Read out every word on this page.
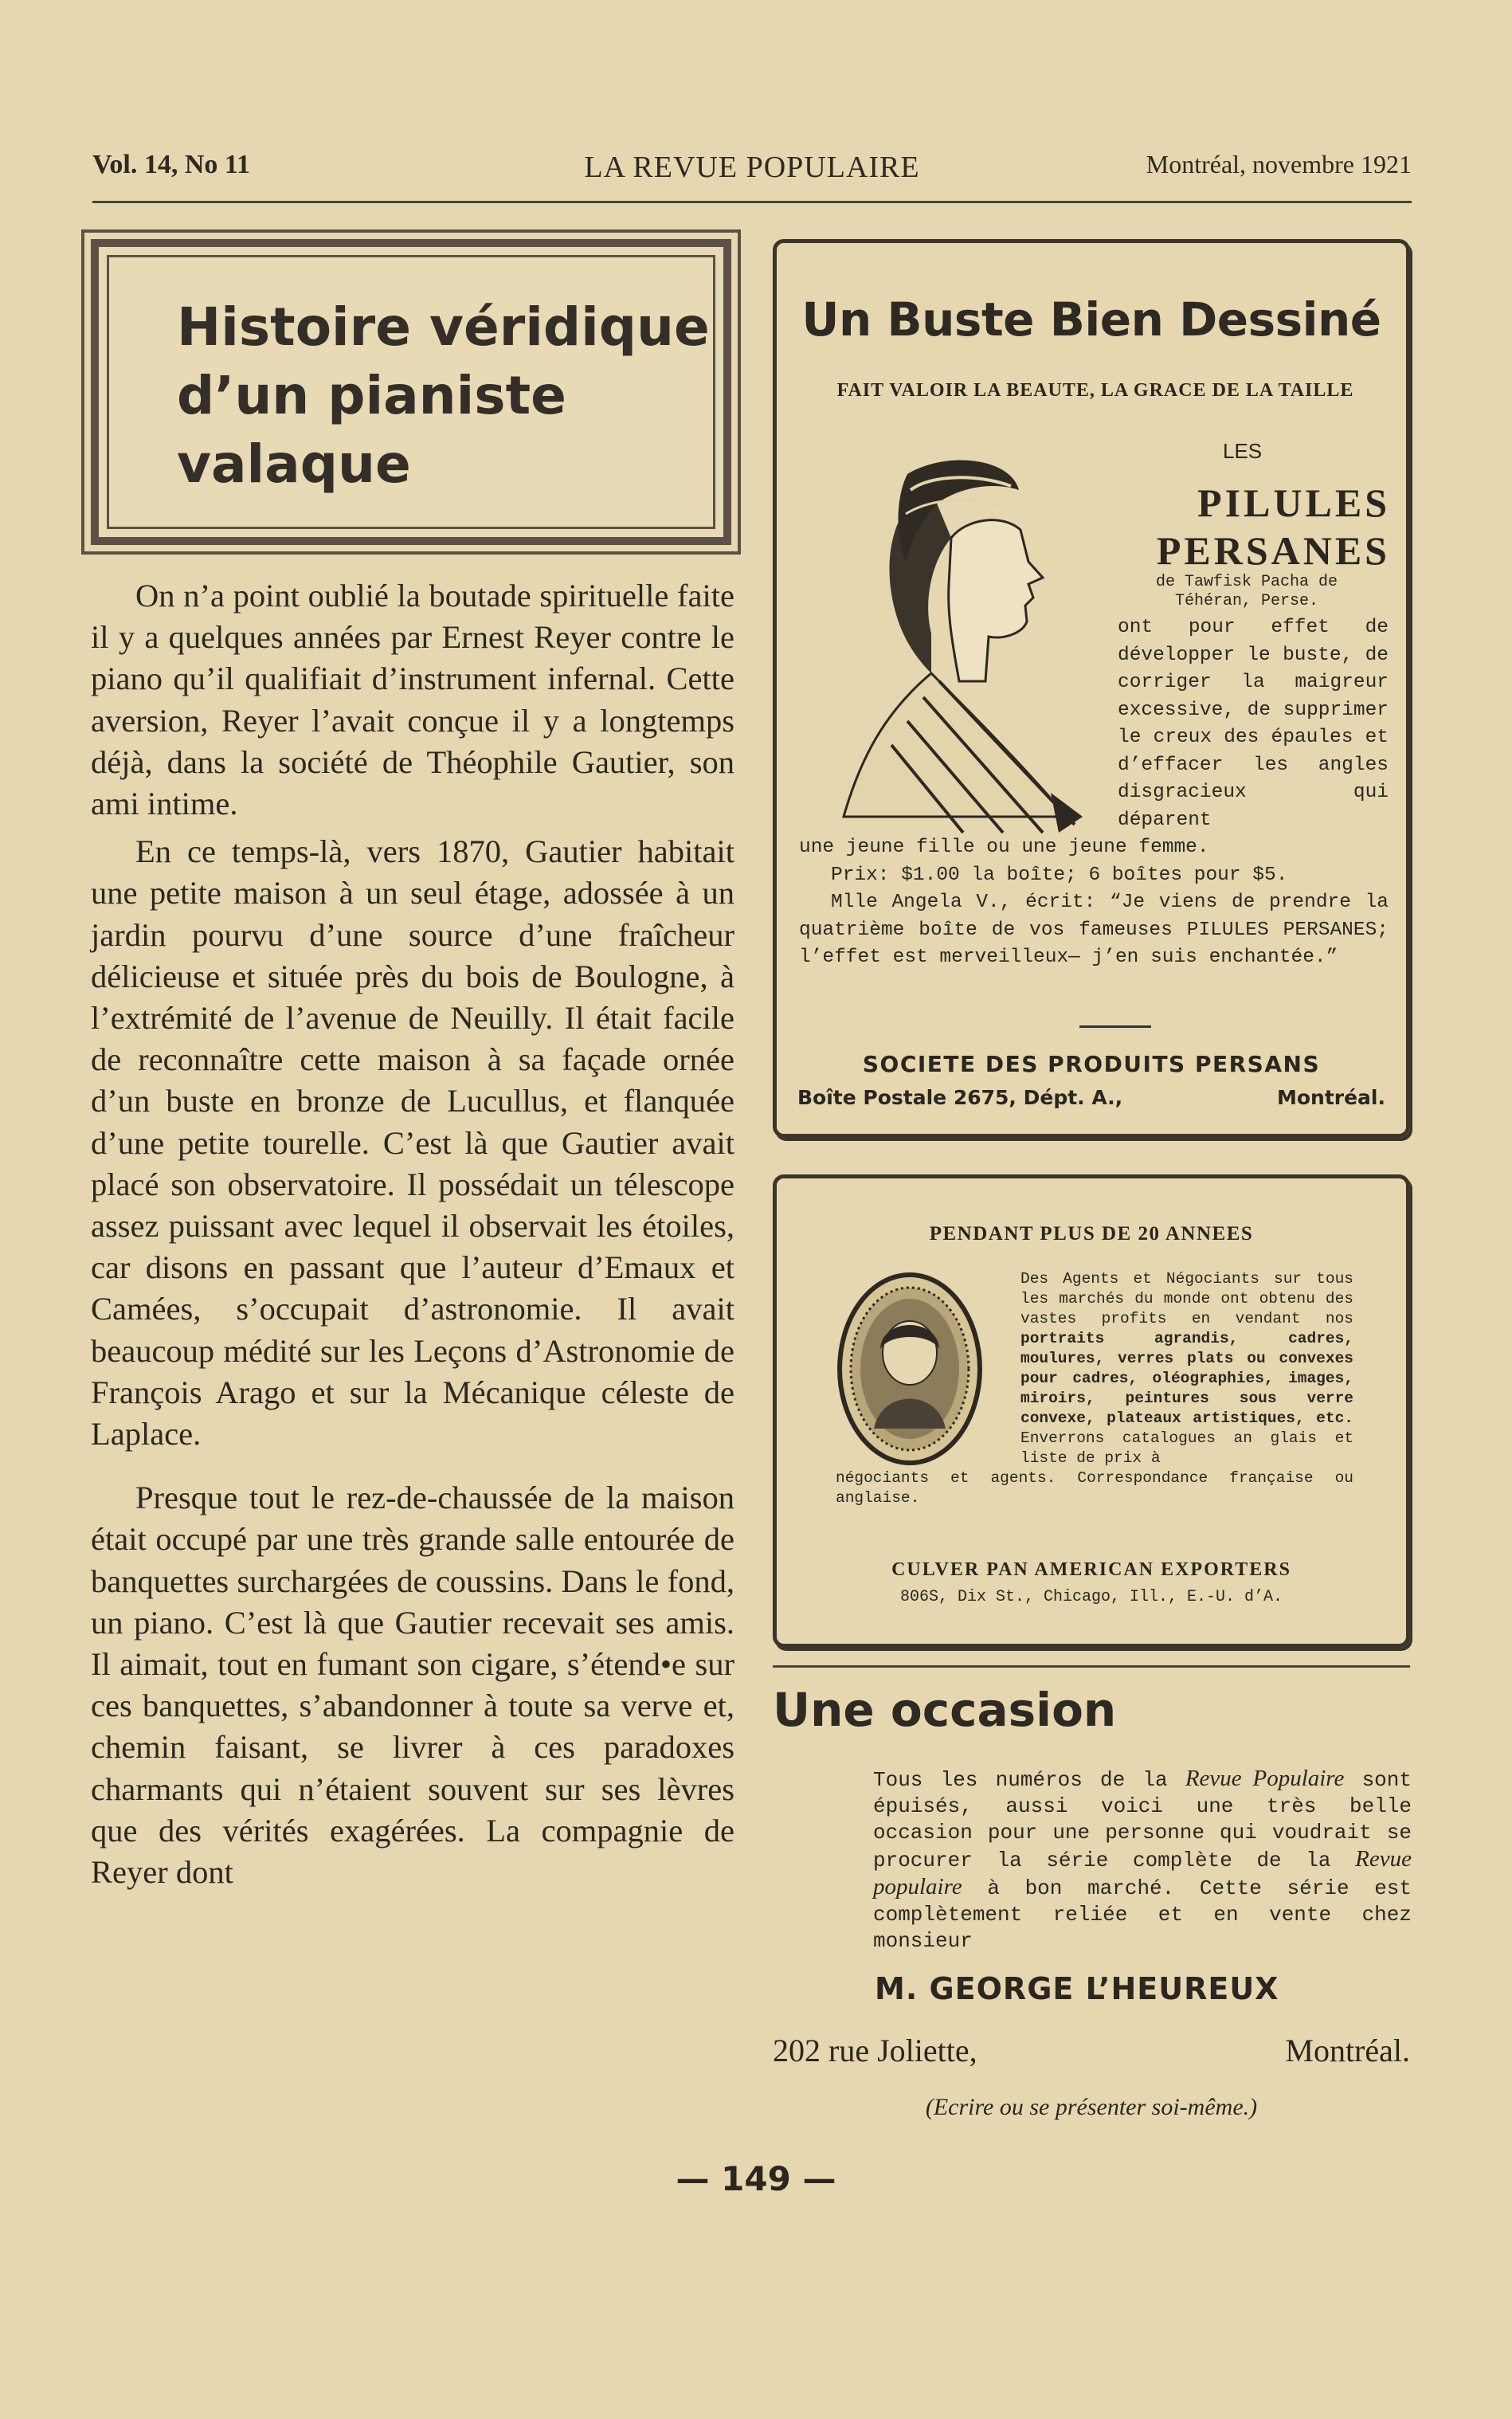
Vol. 14, No 11	LA REVUE POPULAIRE	Montréal, novembre 1921
Histoire véridique d’un pianiste valaque

On n’a point oublié la boutade spirituelle faite il y a quelques années par Ernest Reyer contre le piano qu’il qualifiait d’instrument infernal. Cette aversion, Reyer l’avait conçue il y a longtemps déjà, dans la société de Théophile Gautier, son ami intime.

En ce temps-là, vers 1870, Gautier habitait une petite maison à un seul étage, adossée à un jardin pourvu d’une source d’une fraîcheur délicieuse et située près du bois de Boulogne, à l’extrémité de l’avenue de Neuilly. Il était facile de reconnaître cette maison à sa façade ornée d’un buste en bronze de Lucullus, et flanquée d’une petite tourelle. C’est là que Gautier avait placé son observatoire. Il possédait un télescope assez puissant avec lequel il observait les étoiles, car disons en passant que l’auteur d’Emaux et Camées, s’occupait d’astronomie. Il avait beaucoup médité sur les Leçons d’Astronomie de François Arago et sur la Mécanique céleste de Laplace.

Presque tout le rez-de-chaussée de la maison était occupé par une très grande salle entourée de banquettes surchargées de coussins. Dans le fond, un piano. C’est là que Gautier recevait ses amis. Il aimait, tout en fumant son cigare, s’étend•e sur ces banquettes, s’abandonner à toute sa verve et, chemin faisant, se livrer à ces paradoxes charmants qui n’étaient souvent sur ses lèvres que des vérités exagérées. La compagnie de Reyer dont

Un Buste Bien Dessiné
FAIT VALOIR LA BEAUTE, LA GRACE DE LA TAILLE
LES
PILULES
PERSANES
de Tawfisk Pacha de Téhéran, Perse.
ont pour effet de développer le buste, de corriger la maigreur excessive, de supprimer le creux des épaules et d’effacer les angles disgracieux qui déparent
une jeune fille ou une jeune femme.
Prix: $1.00 la boîte; 6 boîtes pour $5.
Mlle Angela V., écrit: “Je viens de prendre la quatrième boîte de vos fameuses PILULES PERSANES; l’effet est merveilleux— j’en suis enchantée.”
SOCIETE DES PRODUITS PERSANS
Boîte Postale 2675, Dépt. A.,	Montréal.
PENDANT PLUS DE 20 ANNEES
Des Agents et Négociants sur tous les marchés du monde ont obtenu des vastes profits en vendant nos portraits agrandis, cadres, moulures, verres plats ou convexes pour cadres, oléographies, images, miroirs, peintures sous verre convexe, plateaux artistiques, etc. Enverrons catalogues an glais et liste de prix à
négociants et agents. Correspondance française ou anglaise.
CULVER PAN AMERICAN EXPORTERS
806S, Dix St., Chicago, Ill., E.-U. d’A.
Une occasion
Tous les numéros de la Revue Populaire sont épuisés, aussi voici une très belle occasion pour une personne qui voudrait se procurer la série complète de la Revue populaire à bon marché. Cette série est complètement reliée et en vente chez monsieur
M. GEORGE L’HEUREUX
202 rue Joliette,	Montréal.
(Ecrire ou se présenter soi-même.)
— 149 —
